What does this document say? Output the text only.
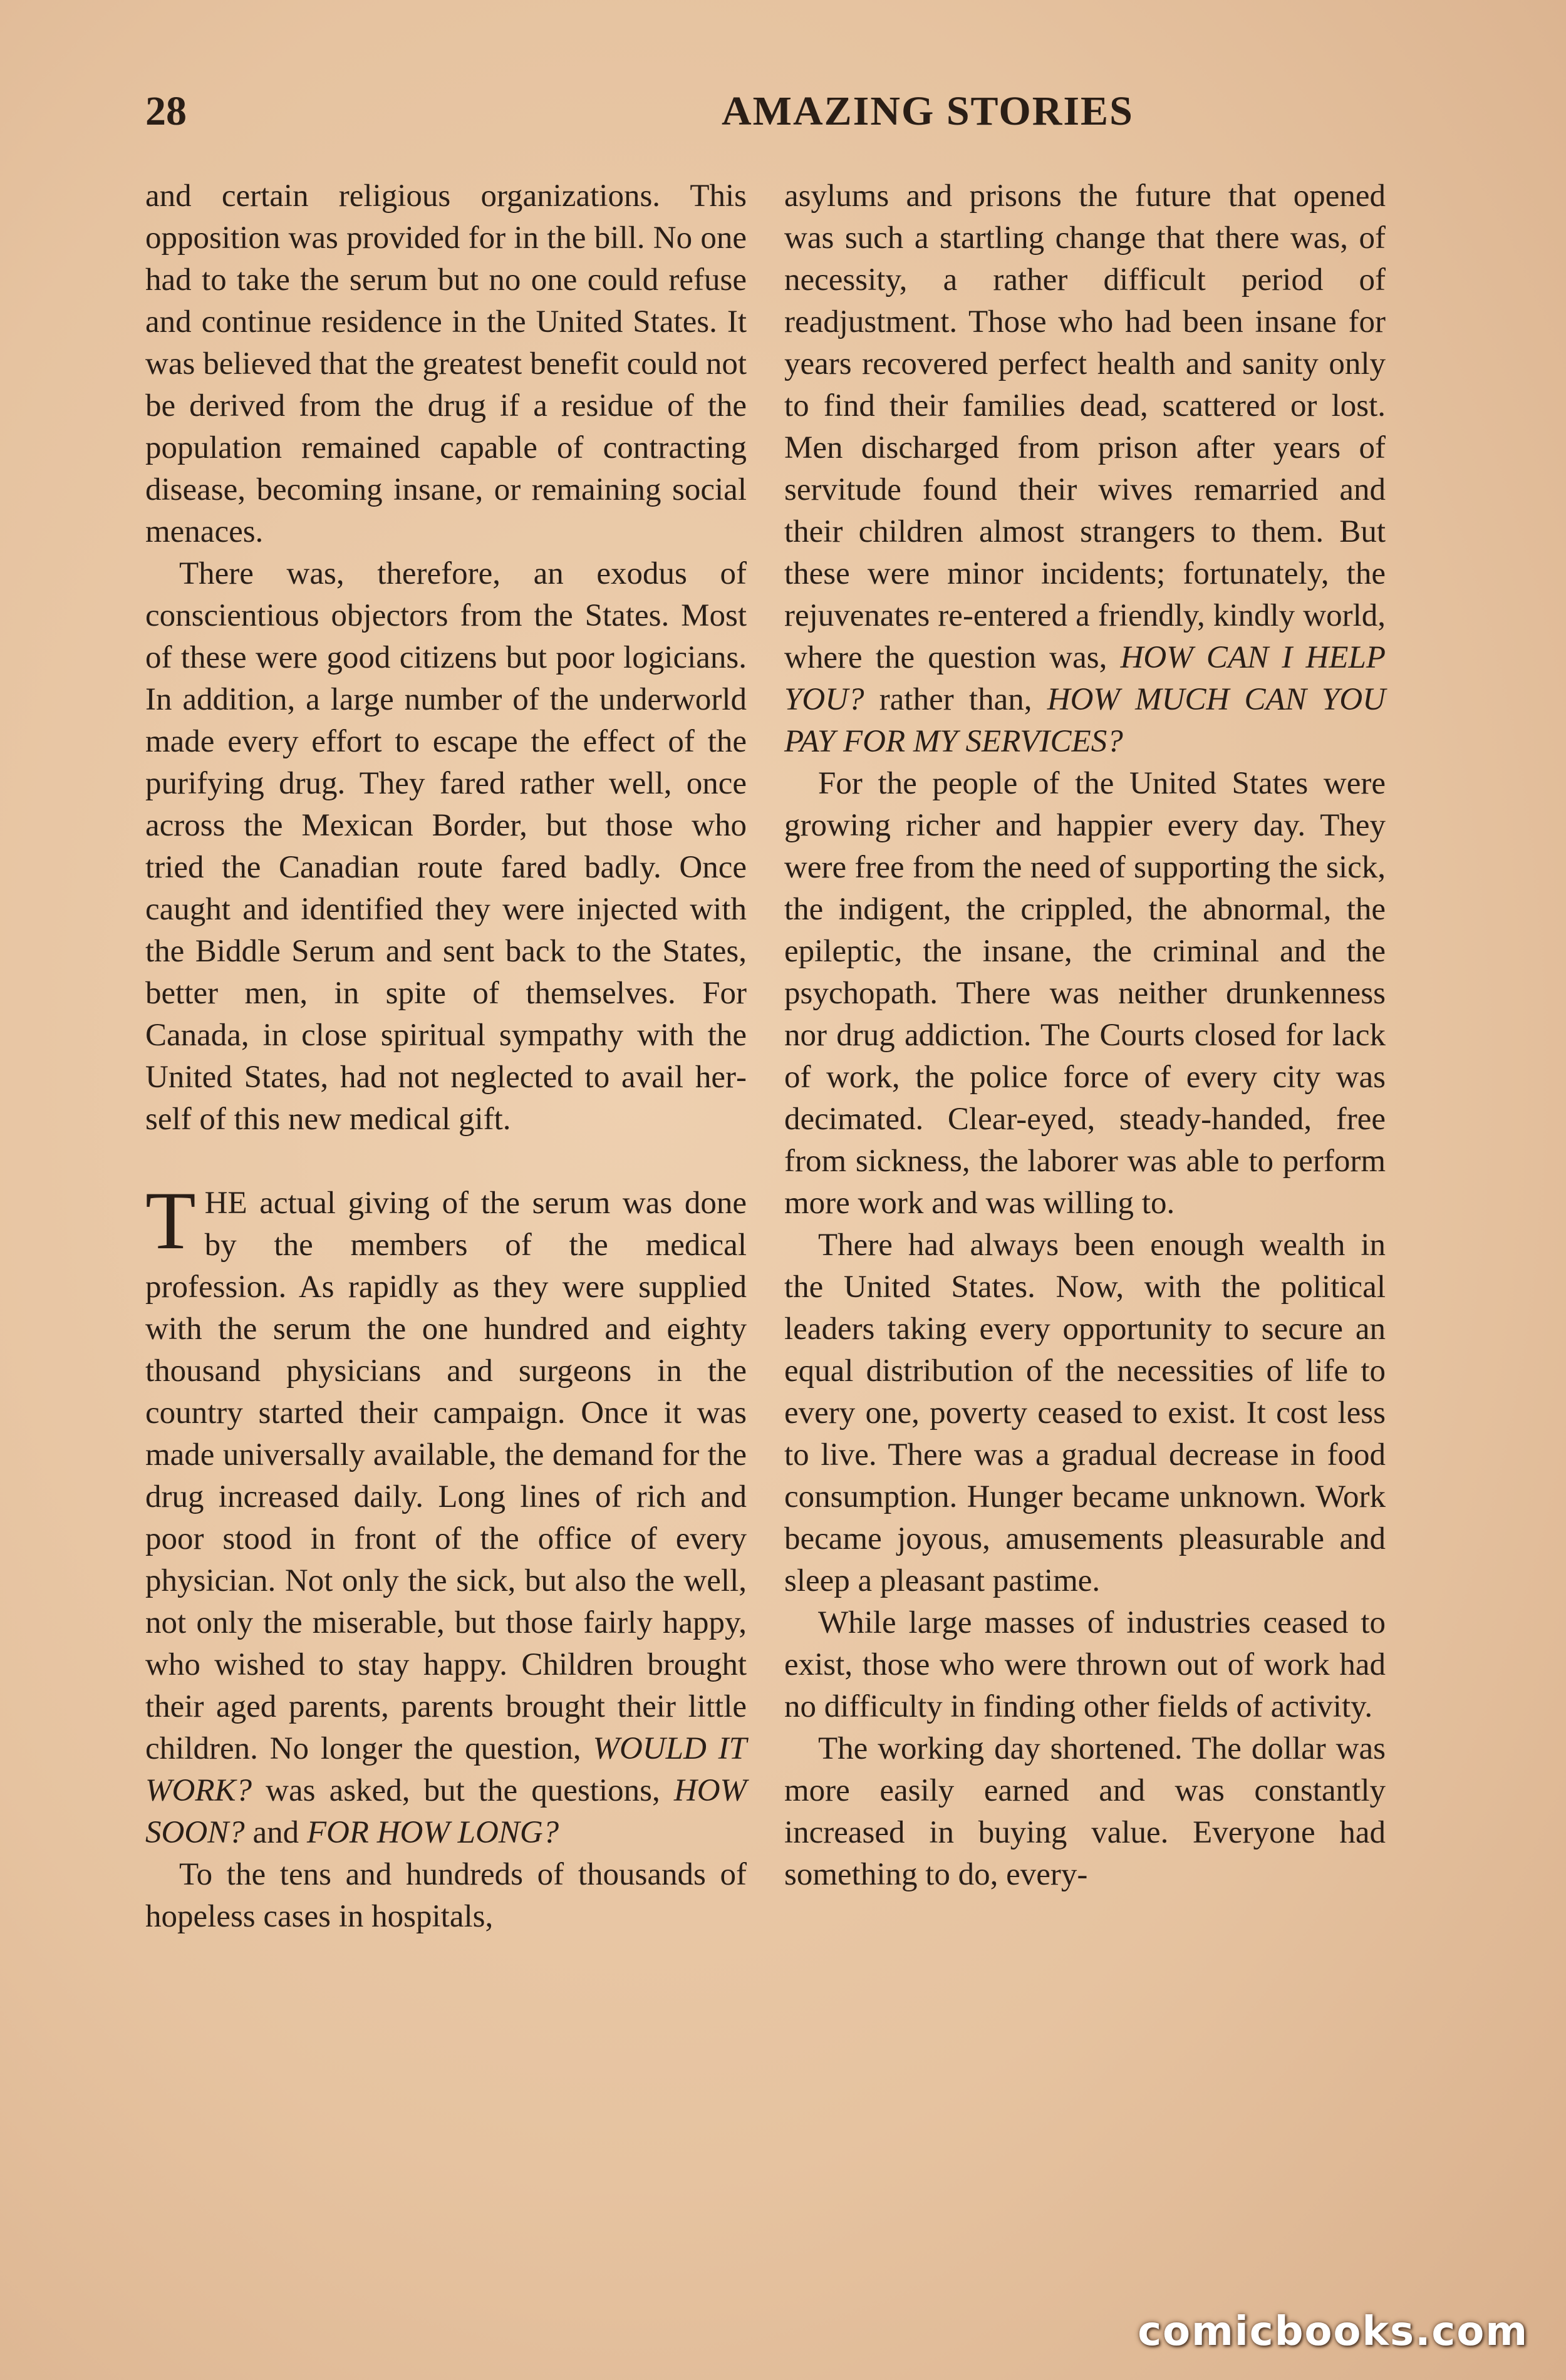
28	AMAZING STORIES

and certain religious organizations. This opposition was provided for in the bill. No one had to take the serum but no one could refuse and continue residence in the United States. It was believed that the greatest benefit could not be derived from the drug if a residue of the population remained capable of contracting disease, becoming insane, or remaining social menaces.

There was, therefore, an exodus of conscientious objectors from the States. Most of these were good citizens but poor logicians. In addition, a large number of the underworld made every effort to escape the effect of the purifying drug. They fared rather well, once across the Mexican Border, but those who tried the Canadian route fared badly. Once caught and identified they were injected with the Biddle Serum and sent back to the States, better men, in spite of themselves. For Canada, in close spiritual sympathy with the United States, had not neglected to avail herself of this new medical gift.

THE actual giving of the serum was done by the members of the medical profession. As rapidly as they were supplied with the serum the one hundred and eighty thousand physicians and surgeons in the country started their campaign. Once it was made universally available, the demand for the drug increased daily. Long lines of rich and poor stood in front of the office of every physician. Not only the sick, but also the well, not only the miserable, but those fairly happy, who wished to stay happy. Children brought their aged parents, parents brought their little children. No longer the question, WOULD IT WORK? was asked, but the questions, HOW SOON? and FOR HOW LONG?

To the tens and hundreds of thousands of hopeless cases in hospitals,

asylums and prisons the future that opened was such a startling change that there was, of necessity, a rather difficult period of readjustment. Those who had been insane for years recovered perfect health and sanity only to find their families dead, scattered or lost. Men discharged from prison after years of servitude found their wives remarried and their children almost strangers to them. But these were minor incidents; fortunately, the rejuvenates re-entered a friendly, kindly world, where the question was, HOW CAN I HELP YOU? rather than, HOW MUCH CAN YOU PAY FOR MY SERVICES?

For the people of the United States were growing richer and happier every day. They were free from the need of supporting the sick, the indigent, the crippled, the abnormal, the epileptic, the insane, the criminal and the psychopath. There was neither drunkenness nor drug addiction. The Courts closed for lack of work, the police force of every city was decimated. Clear-eyed, steady-handed, free from sickness, the laborer was able to perform more work and was willing to.

There had always been enough wealth in the United States. Now, with the political leaders taking every opportunity to secure an equal distribution of the necessities of life to every one, poverty ceased to exist. It cost less to live. There was a gradual decrease in food consumption. Hunger became unknown. Work became joyous, amusements pleasurable and sleep a pleasant pastime.

While large masses of industries ceased to exist, those who were thrown out of work had no difficulty in finding other fields of activity.

The working day shortened. The dollar was more easily earned and was constantly increased in buying value. Everyone had something to do, every-

comicbooks.com
